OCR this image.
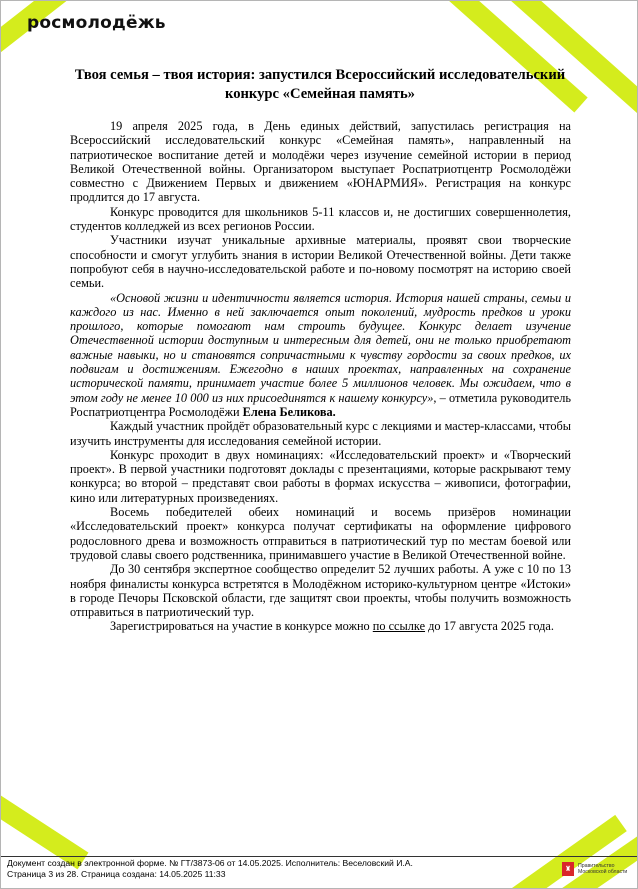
росмолодёжь
Твоя семья – твоя история: запустился Всероссийский исследовательский конкурс «Семейная память»

19 апреля 2025 года, в День единых действий, запустилась регистрация на Всероссийский исследовательский конкурс «Семейная память», направленный на патриотическое воспитание детей и молодёжи через изучение семейной истории в период Великой Отечественной войны. Организатором выступает Роспатриотцентр Росмолодёжи совместно с Движением Первых и движением «ЮНАРМИЯ». Регистрация на конкурс продлится до 17 августа.

Конкурс проводится для школьников 5-11 классов и, не достигших совершеннолетия, студентов колледжей из всех регионов России.

Участники изучат уникальные архивные материалы, проявят свои творческие способности и смогут углубить знания в истории Великой Отечественной войны. Дети также попробуют себя в научно-исследовательской работе и по-новому посмотрят на историю своей семьи.

«Основой жизни и идентичности является история. История нашей страны, семьи и каждого из нас. Именно в ней заключается опыт поколений, мудрость предков и уроки прошлого, которые помогают нам строить будущее. Конкурс делает изучение Отечественной истории доступным и интересным для детей, они не только приобретают важные навыки, но и становятся сопричастными к чувству гордости за своих предков, их подвигам и достижениям. Ежегодно в наших проектах, направленных на сохранение исторической памяти, принимает участие более 5 миллионов человек. Мы ожидаем, что в этом году не менее 10 000 из них присоединятся к нашему конкурсу», – отметила руководитель Роспатриотцентра Росмолодёжи Елена Беликова.

Каждый участник пройдёт образовательный курс с лекциями и мастер-классами, чтобы изучить инструменты для исследования семейной истории.

Конкурс проходит в двух номинациях: «Исследовательский проект» и «Творческий проект». В первой участники подготовят доклады с презентациями, которые раскрывают тему конкурса; во второй – представят свои работы в формах искусства – живописи, фотографии, кино или литературных произведениях.

Восемь победителей обеих номинаций и восемь призёров номинации «Исследовательский проект» конкурса получат сертификаты на оформление цифрового родословного древа и возможность отправиться в патриотический тур по местам боевой или трудовой славы своего родственника, принимавшего участие в Великой Отечественной войне.

До 30 сентября экспертное сообщество определит 52 лучших работы. А уже с 10 по 13 ноября финалисты конкурса встретятся в Молодёжном историко-культурном центре «Истоки» в городе Печоры Псковской области, где защитят свои проекты, чтобы получить возможность отправиться в патриотический тур.

Зарегистрироваться на участие в конкурсе можно по ссылке до 17 августа 2025 года.

Документ создан в электронной форме. № ГТ/3873-06 от 14.05.2025. Исполнитель: Веселовский И.А.
Страница 3 из 28. Страница создана: 14.05.2025 11:33	♜	Правительство
Московской области
